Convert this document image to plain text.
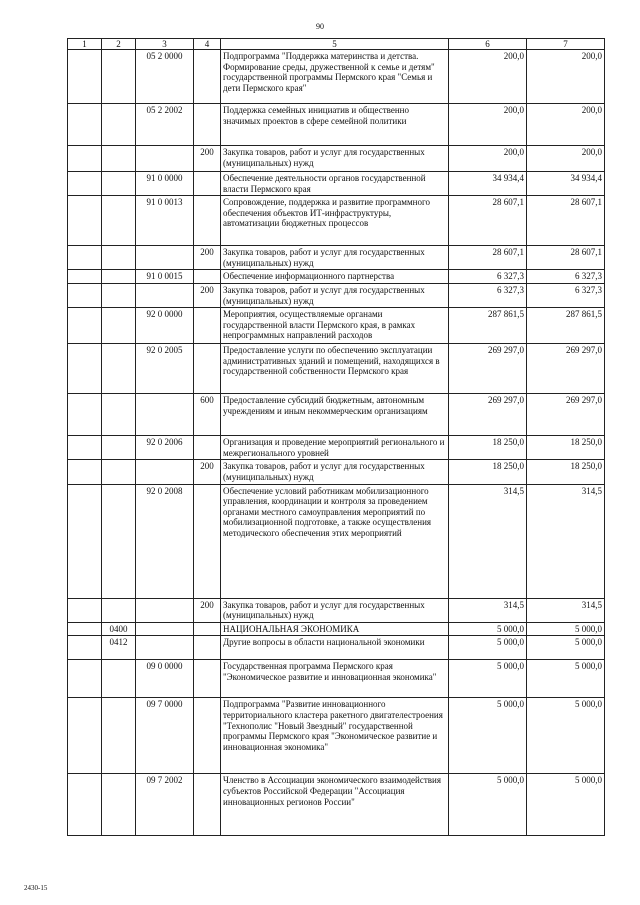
90
1	2	3	4	5	6	7
		05 2 0000		Подпрограмма "Поддержка материнства и детства. Формирование среды, дружественной к семье и детям" государственной программы Пермского края "Семья и дети Пермского края"	200,0	200,0
		05 2 2002		Поддержка семейных инициатив и общественно значимых проектов в сфере семейной политики	200,0	200,0
			200	Закупка товаров, работ и услуг для государственных (муниципальных) нужд	200,0	200,0
		91 0 0000		Обеспечение деятельности органов государственной власти Пермского края	34 934,4	34 934,4
		91 0 0013		Сопровождение, поддержка и развитие программного обеспечения объектов ИТ-инфраструктуры, автоматизации бюджетных процессов	28 607,1	28 607,1
			200	Закупка товаров, работ и услуг для государственных (муниципальных) нужд	28 607,1	28 607,1
		91 0 0015		Обеспечение информационного партнерства	6 327,3	6 327,3
			200	Закупка товаров, работ и услуг для государственных (муниципальных) нужд	6 327,3	6 327,3
		92 0 0000		Мероприятия, осуществляемые органами государственной власти Пермского края, в рамках непрограммных направлений расходов	287 861,5	287 861,5
		92 0 2005		Предоставление услуги по обеспечению эксплуатации административных зданий и помещений, находящихся в государственной собственности Пермского края	269 297,0	269 297,0
			600	Предоставление субсидий бюджетным, автономным учреждениям и иным некоммерческим организациям	269 297,0	269 297,0
		92 0 2006		Организация и проведение мероприятий регионального и межрегионального уровней	18 250,0	18 250,0
			200	Закупка товаров, работ и услуг для государственных (муниципальных) нужд	18 250,0	18 250,0
		92 0 2008		Обеспечение условий работникам мобилизационного управления, координации и контроля за проведением органами местного самоуправления мероприятий по мобилизационной подготовке, а также осуществления методического обеспечения этих мероприятий	314,5	314,5
			200	Закупка товаров, работ и услуг для государственных (муниципальных) нужд	314,5	314,5
	0400			НАЦИОНАЛЬНАЯ ЭКОНОМИКА	5 000,0	5 000,0
	0412			Другие вопросы в области национальной экономики	5 000,0	5 000,0
		09 0 0000		Государственная программа Пермского края "Экономическое развитие и инновационная экономика"	5 000,0	5 000,0
		09 7 0000		Подпрограмма "Развитие инновационного территориального кластера ракетного двигателестроения "Технополис "Новый Звездный" государственной программы Пермского края "Экономическое развитие и инновационная экономика"	5 000,0	5 000,0
		09 7 2002		Членство в Ассоциации экономического взаимодействия субъектов Российской Федерации "Ассоциация инновационных регионов России"	5 000,0	5 000,0
2430-15
